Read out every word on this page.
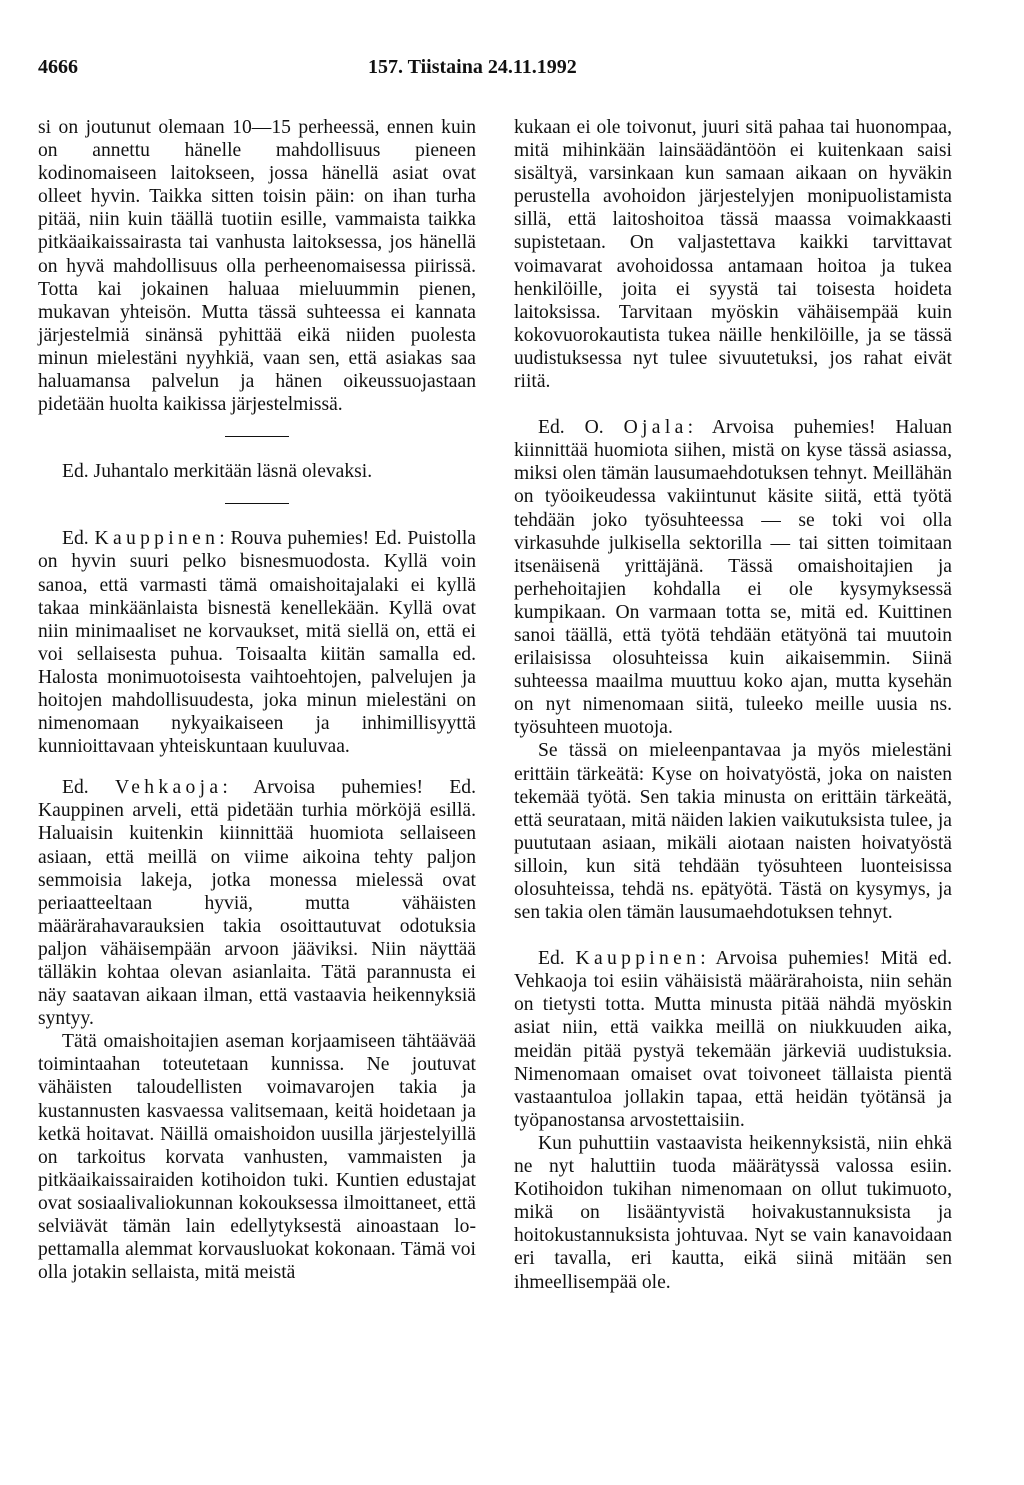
4666	157. Tiistaina 24.11.1992

si on joutunut olemaan 10—15 perheessä, ennen kuin on annettu hänelle mahdollisuus pieneen kodinomaiseen laitokseen, jossa hänellä asiat ovat olleet hyvin. Taikka sitten toisin päin: on ihan turha pitää, niin kuin täällä tuotiin esille, vammaista taikka pitkäaikaissairasta tai vanhusta laitoksessa, jos hänellä on hyvä mahdollisuus olla perheenomaisessa piirissä. Totta kai jokainen haluaa mieluummin pienen, mukavan yhteisön. Mutta tässä suhteessa ei kannata järjestelmiä sinänsä pyhittää eikä niiden puolesta minun mielestäni nyyhkiä, vaan sen, että asiakas saa haluamansa palvelun ja hänen oikeussuojastaan pidetään huolta kaikissa järjestelmissä.

Ed. Juhantalo merkitään läsnä olevaksi.

Ed. Kauppinen: Rouva puhemies! Ed. Puistolla on hyvin suuri pelko bisnesmuodosta. Kyllä voin sanoa, että varmasti tämä omaishoitajalaki ei kyllä takaa minkäänlaista bisnestä kenellekään. Kyllä ovat niin minimaaliset ne korvaukset, mitä siellä on, että ei voi sellaisesta puhua. Toisaalta kiitän samalla ed. Halosta monimuotoisesta vaihtoehtojen, palvelujen ja hoitojen mahdollisuudesta, joka minun mielestäni on nimenomaan nykyaikaiseen ja inhimillisyyttä kunnioittavaan yhteiskuntaan kuuluvaa.

Ed. Vehkaoja: Arvoisa puhemies! Ed. Kauppinen arveli, että pidetään turhia mörköjä esillä. Haluaisin kuitenkin kiinnittää huomiota sellaiseen asiaan, että meillä on viime aikoina tehty paljon semmoisia lakeja, jotka monessa mielessä ovat periaatteeltaan hyviä, mutta vähäisten määrärahavarauksien takia osoittautuvat odotuksia paljon vähäisempään arvoon jääviksi. Niin näyttää tälläkin kohtaa olevan asianlaita. Tätä parannusta ei näy saatavan aikaan ilman, että vastaavia heikennyksiä syntyy.

Tätä omaishoitajien aseman korjaamiseen tähtäävää toimintaahan toteutetaan kunnissa. Ne joutuvat vähäisten taloudellisten voimavarojen takia ja kustannusten kasvaessa valitsemaan, keitä hoidetaan ja ketkä hoitavat. Näillä omaishoidon uusilla järjestelyillä on tarkoitus korvata vanhusten, vammaisten ja pitkäaikaissairaiden kotihoidon tuki. Kuntien edustajat ovat sosiaalivaliokunnan kokouksessa ilmoittaneet, että selviävät tämän lain edellytyksestä ainoastaan lopettamalla alemmat korvausluokat kokonaan. Tämä voi olla jotakin sellaista, mitä meistä

kukaan ei ole toivonut, juuri sitä pahaa tai huonompaa, mitä mihinkään lainsäädäntöön ei kuitenkaan saisi sisältyä, varsinkaan kun samaan aikaan on hyväkin perustella avohoidon järjestelyjen monipuolistamista sillä, että laitoshoitoa tässä maassa voimakkaasti supistetaan. On valjastettava kaikki tarvittavat voimavarat avohoidossa antamaan hoitoa ja tukea henkilöille, joita ei syystä tai toisesta hoideta laitoksissa. Tarvitaan myöskin vähäisempää kuin kokovuorokautista tukea näille henkilöille, ja se tässä uudistuksessa nyt tulee sivuutetuksi, jos rahat eivät riitä.

Ed. O. Ojala: Arvoisa puhemies! Haluan kiinnittää huomiota siihen, mistä on kyse tässä asiassa, miksi olen tämän lausumaehdotuksen tehnyt. Meillähän on työoikeudessa vakiintunut käsite siitä, että työtä tehdään joko työsuhteessa — se toki voi olla virkasuhde julkisella sektorilla — tai sitten toimitaan itsenäisenä yrittäjänä. Tässä omaishoitajien ja perhehoitajien kohdalla ei ole kysymyksessä kumpikaan. On varmaan totta se, mitä ed. Kuittinen sanoi täällä, että työtä tehdään etätyönä tai muutoin erilaisissa olosuhteissa kuin aikaisemmin. Siinä suhteessa maailma muuttuu koko ajan, mutta kysehän on nyt nimenomaan siitä, tuleeko meille uusia ns. työsuhteen muotoja.

Se tässä on mieleenpantavaa ja myös mielestäni erittäin tärkeätä: Kyse on hoivatyöstä, joka on naisten tekemää työtä. Sen takia minusta on erittäin tärkeätä, että seurataan, mitä näiden lakien vaikutuksista tulee, ja puututaan asiaan, mikäli aiotaan naisten hoivatyöstä silloin, kun sitä tehdään työsuhteen luonteisissa olosuhteissa, tehdä ns. epätyötä. Tästä on kysymys, ja sen takia olen tämän lausumaehdotuksen tehnyt.

Ed. Kauppinen: Arvoisa puhemies! Mitä ed. Vehkaoja toi esiin vähäisistä määrärahoista, niin sehän on tietysti totta. Mutta minusta pitää nähdä myöskin asiat niin, että vaikka meillä on niukkuuden aika, meidän pitää pystyä tekemään järkeviä uudistuksia. Nimenomaan omaiset ovat toivoneet tällaista pientä vastaantuloa jollakin tapaa, että heidän työtänsä ja työpanostansa arvostettaisiin.

Kun puhuttiin vastaavista heikennyksistä, niin ehkä ne nyt haluttiin tuoda määrätyssä valossa esiin. Kotihoidon tukihan nimenomaan on ollut tukimuoto, mikä on lisääntyvistä hoivakustannuksista ja hoitokustannuksista johtuvaa. Nyt se vain kanavoidaan eri tavalla, eri kautta, eikä siinä mitään sen ihmeellisempää ole.
